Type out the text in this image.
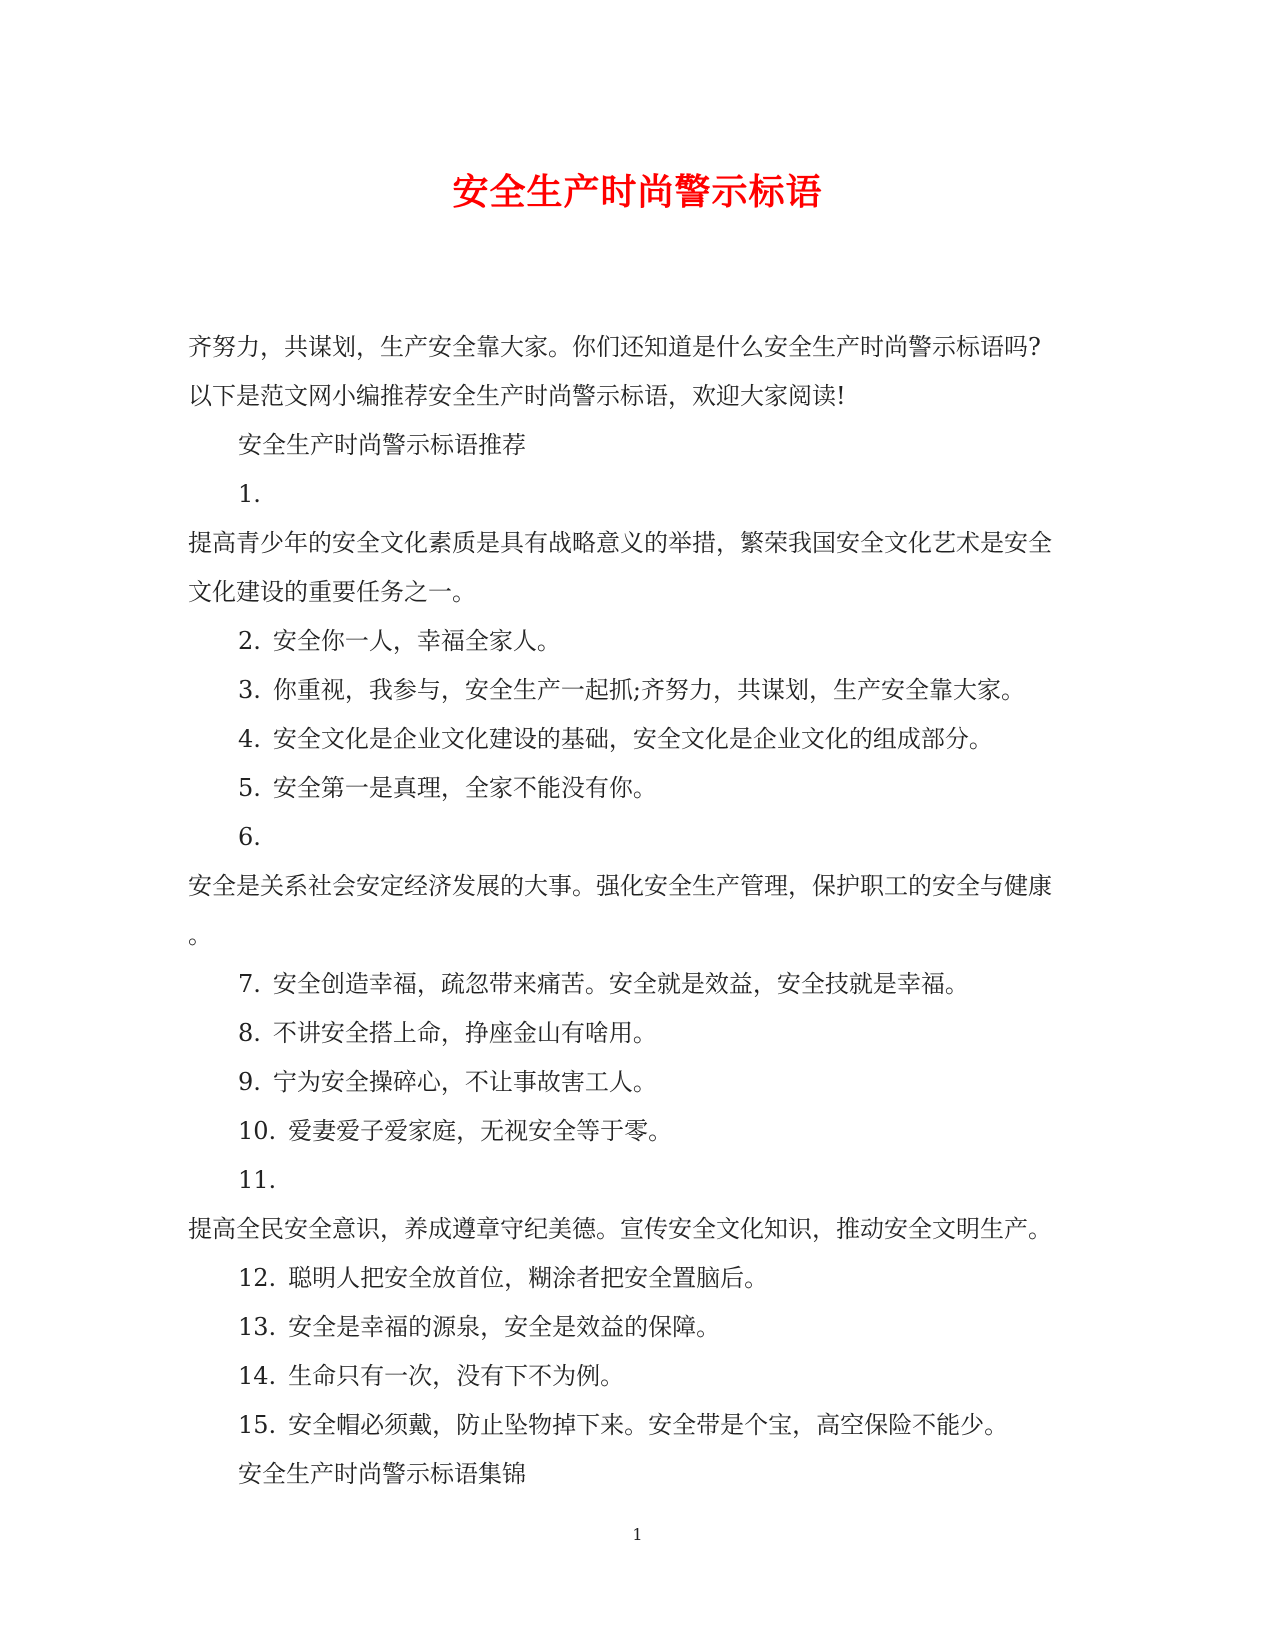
安全生产时尚警示标语

齐努力，共谋划，生产安全靠大家。你们还知道是什么安全生产时尚警示标语吗?

以下是范文网小编推荐安全生产时尚警示标语，欢迎大家阅读!

安全生产时尚警示标语推荐

1.

提高青少年的安全文化素质是具有战略意义的举措，繁荣我国安全文化艺术是安全

文化建设的重要任务之一。

2. 安全你一人，幸福全家人。

3. 你重视，我参与，安全生产一起抓;齐努力，共谋划，生产安全靠大家。

4. 安全文化是企业文化建设的基础，安全文化是企业文化的组成部分。

5. 安全第一是真理，全家不能没有你。

6.

安全是关系社会安定经济发展的大事。强化安全生产管理，保护职工的安全与健康

。

7. 安全创造幸福，疏忽带来痛苦。安全就是效益，安全技就是幸福。

8. 不讲安全搭上命，挣座金山有啥用。

9. 宁为安全操碎心，不让事故害工人。

10. 爱妻爱子爱家庭，无视安全等于零。

11.

提高全民安全意识，养成遵章守纪美德。宣传安全文化知识，推动安全文明生产。

12. 聪明人把安全放首位，糊涂者把安全置脑后。

13. 安全是幸福的源泉，安全是效益的保障。

14. 生命只有一次，没有下不为例。

15. 安全帽必须戴，防止坠物掉下来。安全带是个宝，高空保险不能少。

安全生产时尚警示标语集锦

1
